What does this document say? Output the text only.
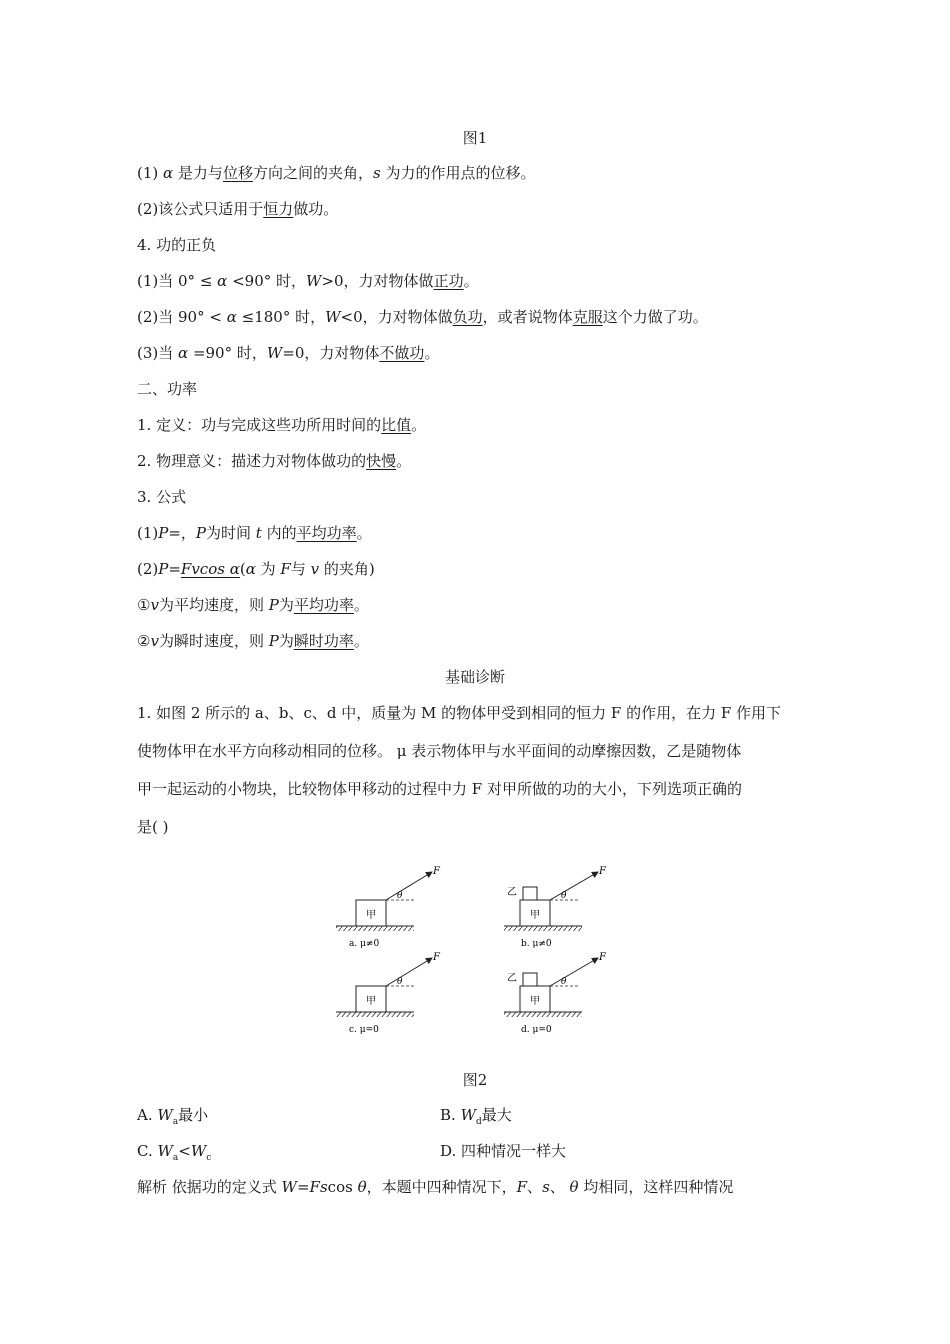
图1
(1) α 是力与位移方向之间的夹角，s 为力的作用点的位移。
(2)该公式只适用于恒力做功。
4. 功的正负
(1)当 0° ≤ α <90° 时，W>0，力对物体做正功。
(2)当 90° < α ≤180° 时，W<0，力对物体做负功，或者说物体克服这个力做了功。
(3)当 α =90° 时，W=0，力对物体不做功。
二、功率
1. 定义：功与完成这些功所用时间的比值。
2. 物理意义：描述力对物体做功的快慢。
3. 公式
(1)P=，P为时间 t 内的平均功率。
(2)P=Fvcos α(α 为 F与 v 的夹角)
①v为平均速度，则 P为平均功率。
②v为瞬时速度，则 P为瞬时功率。
基础诊断
1. 如图 2 所示的 a、b、c、d 中，质量为 M 的物体甲受到相同的恒力 F 的作用，在力 F 作用下
使物体甲在水平方向移动相同的位移。 μ 表示物体甲与水平面间的动摩擦因数，乙是随物体
甲一起运动的小物块，比较物体甲移动的过程中力 F 对甲所做的功的大小，下列选项正确的
是( )
甲
θ
F
a. μ≠0
甲
乙	θ
F
b. μ≠0
甲
θ
F
c. μ=0
甲
乙	θ
F
d. μ=0
图2
A. $W_a$最小	B. $W_d$最大
C. $W_a<W_c$	D. 四种情况一样大
解析 依据功的定义式 W=Fscos θ，本题中四种情况下，F、s、 θ 均相同，这样四种情况
